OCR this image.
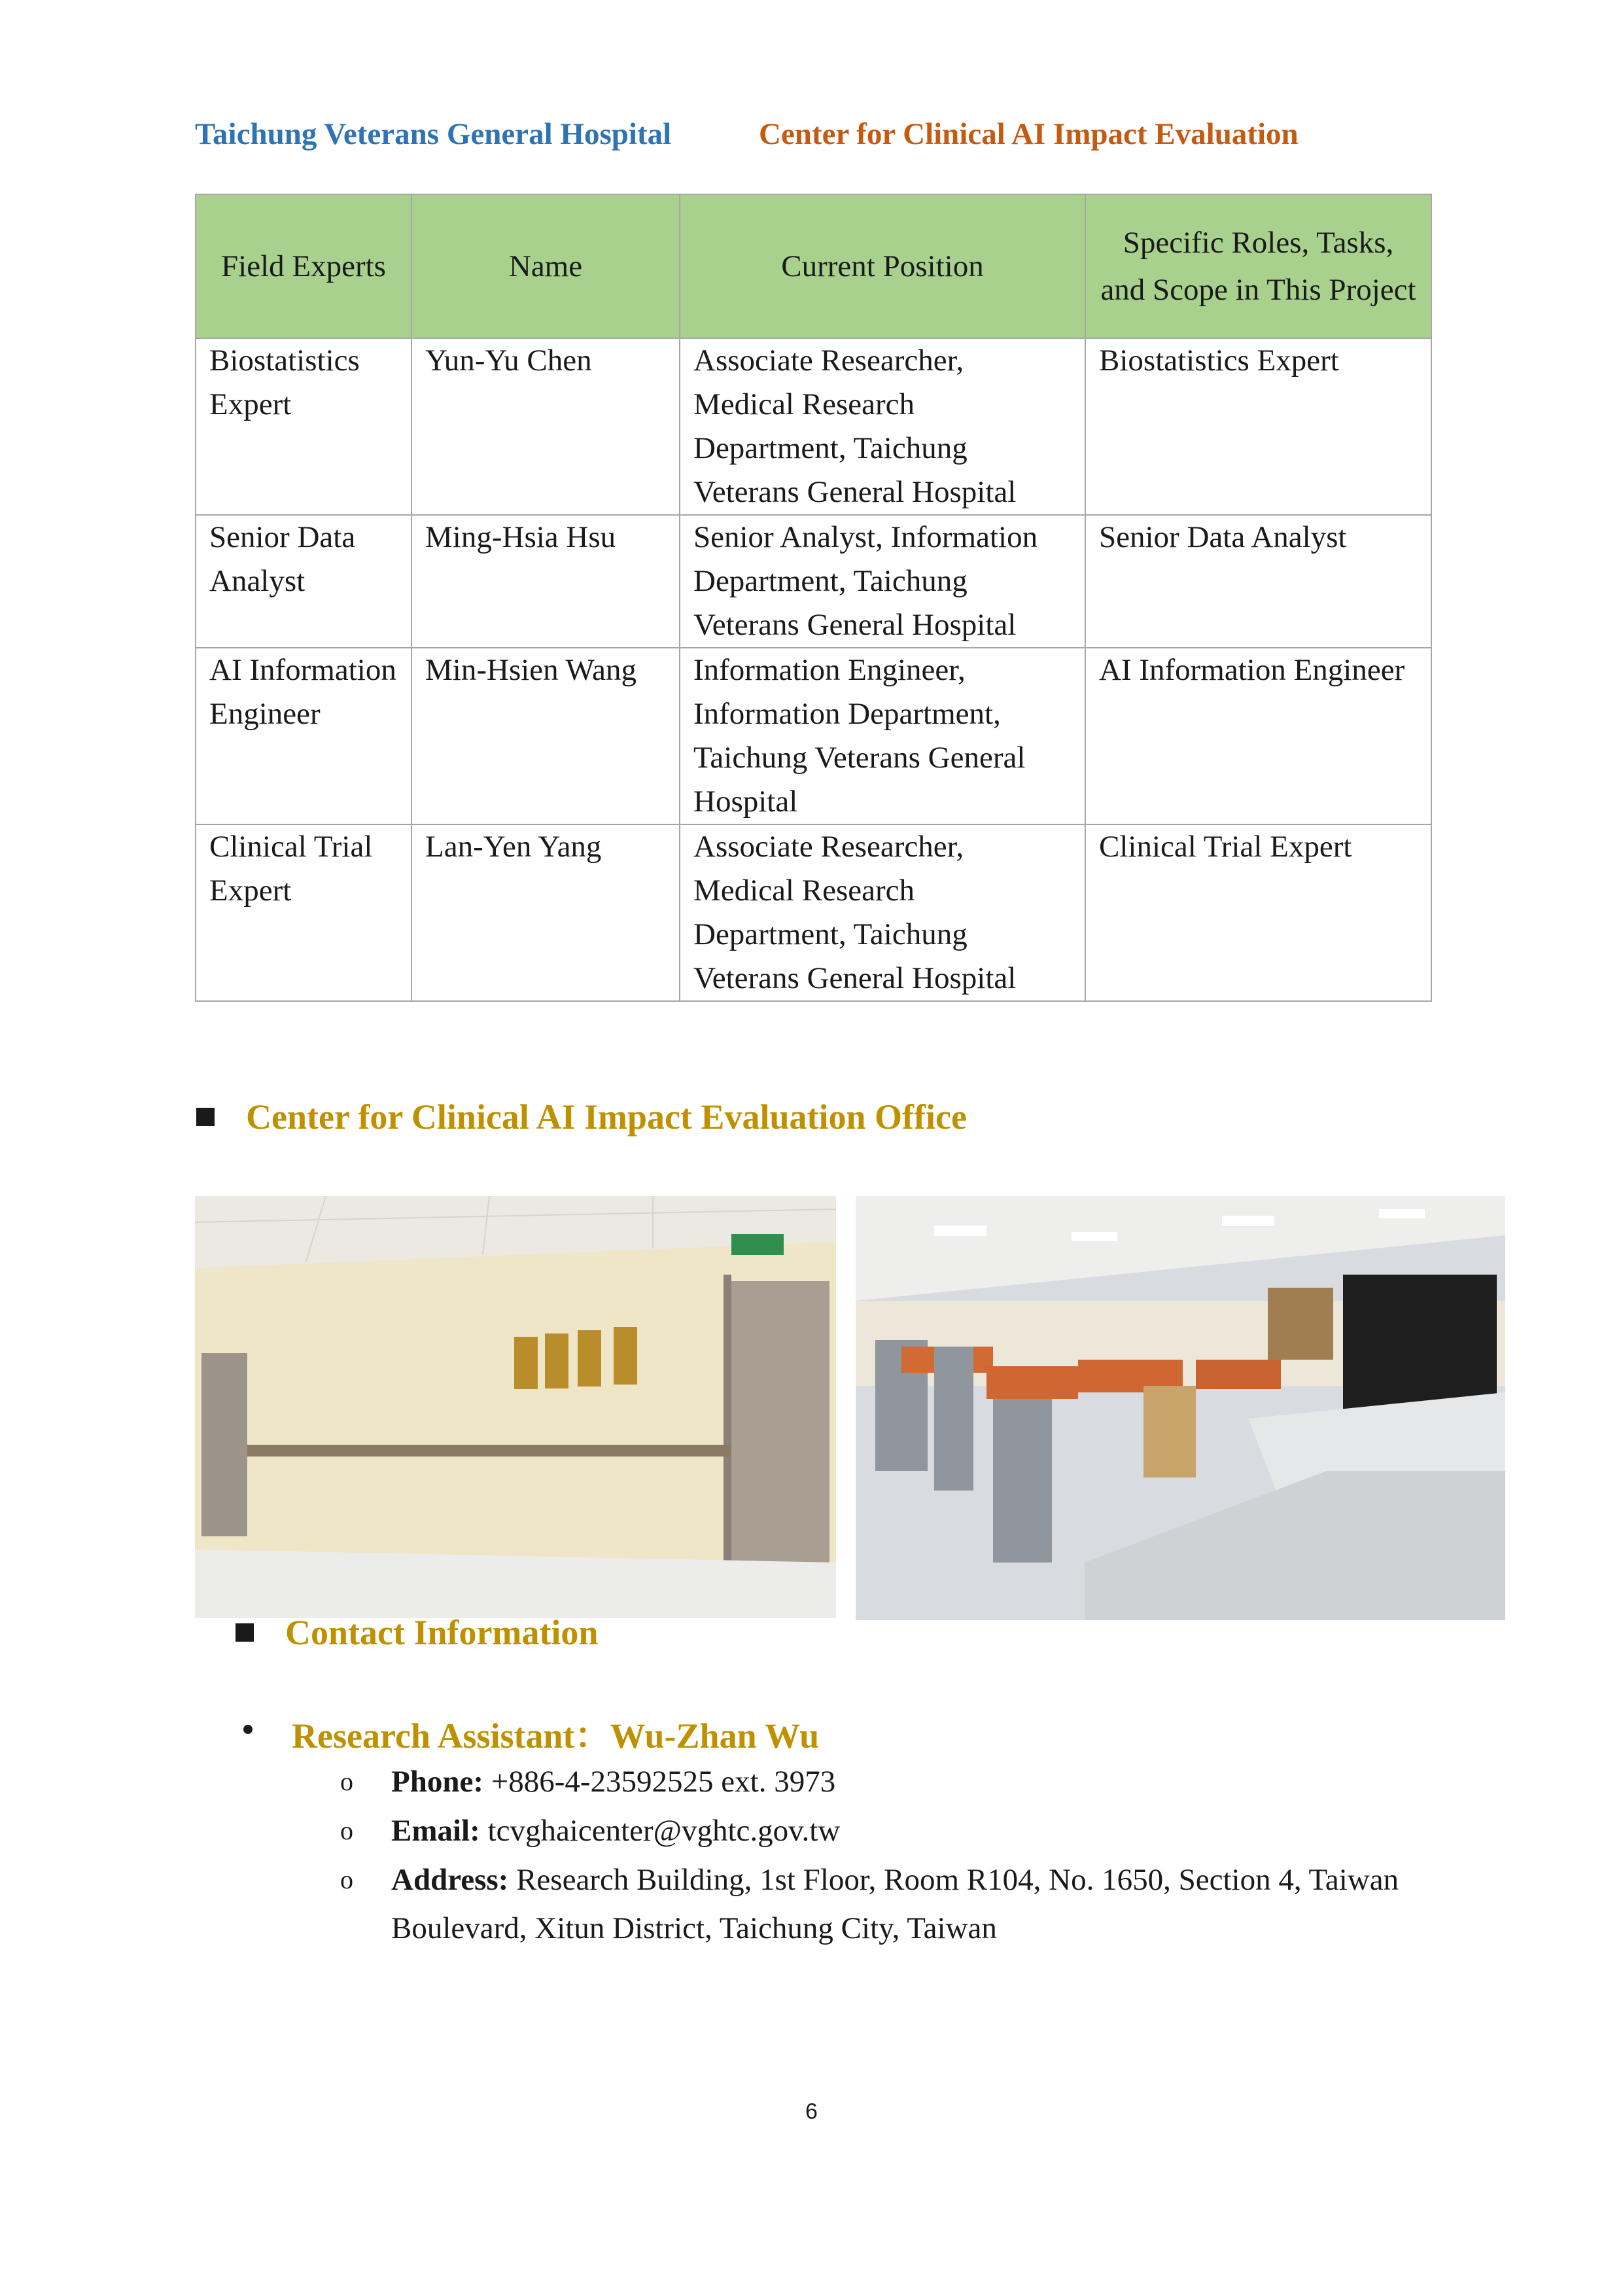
Taichung Veterans General Hospital	Center for Clinical AI Impact Evaluation
Field Experts	Name	Current Position	Specific Roles, Tasks, and Scope in This Project
Biostatistics Expert	Yun-Yu Chen	Associate Researcher, Medical Research Department, Taichung Veterans General Hospital	Biostatistics Expert
Senior Data Analyst	Ming-Hsia Hsu	Senior Analyst, Information Department, Taichung Veterans General Hospital	Senior Data Analyst
AI Information Engineer	Min-Hsien Wang	Information Engineer, Information Department, Taichung Veterans General Hospital	AI Information Engineer
Clinical Trial Expert	Lan-Yen Yang	Associate Researcher, Medical Research Department, Taichung Veterans General Hospital	Clinical Trial Expert
Center for Clinical AI Impact Evaluation Office
Contact Information
Research Assistant：Wu-Zhan Wu
o Phone: +886-4-23592525 ext. 3973
o Email: tcvghaicenter@vghtc.gov.tw
o Address: Research Building, 1st Floor, Room R104, No. 1650, Section 4, Taiwan Boulevard, Xitun District, Taichung City, Taiwan
6
